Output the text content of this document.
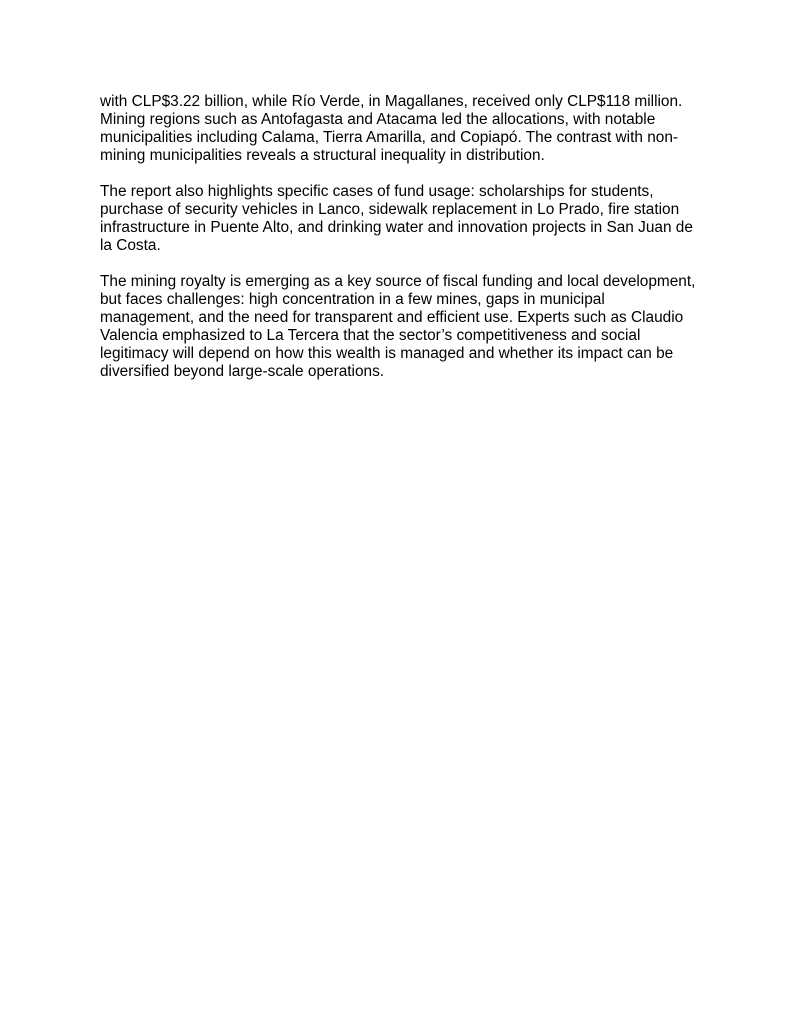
with CLP$3.22 billion, while Río Verde, in Magallanes, received only CLP$118 million. Mining regions such as Antofagasta and Atacama led the allocations, with notable municipalities including Calama, Tierra Amarilla, and Copiapó. The contrast with non-mining municipalities reveals a structural inequality in distribution.

The report also highlights specific cases of fund usage: scholarships for students, purchase of security vehicles in Lanco, sidewalk replacement in Lo Prado, fire station infrastructure in Puente Alto, and drinking water and innovation projects in San Juan de la Costa.

The mining royalty is emerging as a key source of fiscal funding and local development, but faces challenges: high concentration in a few mines, gaps in municipal management, and the need for transparent and efficient use. Experts such as Claudio Valencia emphasized to La Tercera that the sector’s competitiveness and social legitimacy will depend on how this wealth is managed and whether its impact can be diversified beyond large-scale operations.
